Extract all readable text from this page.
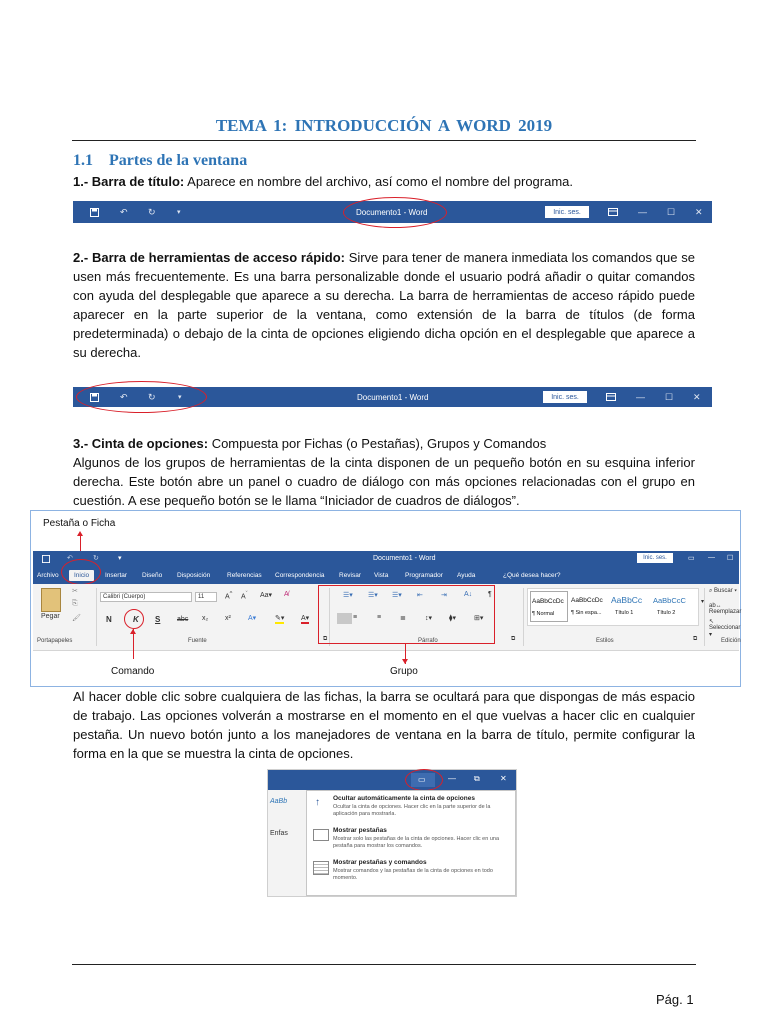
TEMA 1: INTRODUCCIÓN A WORD 2019
1.1 Partes de la ventana
1.- Barra de título: Aparece en nombre del archivo, así como el nombre del programa.
↶ ↻	▾	Documento1 - Word	Inic. ses.	— ☐ ✕
2.- Barra de herramientas de acceso rápido: Sirve para tener de manera inmediata los comandos que se usen más frecuentemente. Es una barra personalizable donde el usuario podrá añadir o quitar comandos con ayuda del desplegable que aparece a su derecha. La barra de herramientas de acceso rápido puede aparecer en la parte superior de la ventana, como extensión de la barra de títulos (de forma predeterminada) o debajo de la cinta de opciones eligiendo dicha opción en el desplegable que aparece a su derecha.
↶ ↻	▾	Documento1 - Word	Inic. ses.	— ☐ ✕
3.- Cinta de opciones: Compuesta por Fichas (o Pestañas), Grupos y Comandos
Algunos de los grupos de herramientas de la cinta disponen de un pequeño botón en su esquina inferior derecha. Este botón abre un panel o cuadro de diálogo con más opciones relacionadas con el grupo en cuestión. A ese pequeño botón se le llama “Iniciador de cuadros de diálogos”.
Pestaña o Ficha
↶	↻	▾	Documento1 - Word	Inic. ses.	▭ — ☐
Archivo	Inicio	Insertar Diseño Disposición	Referencias Correspondencia Revisar Vista	Programador Ayuda	¿Qué desea hacer?
Pegar
✂
⎘
🖌
Portapapeles
Calibri (Cuerpo)	11	A^ $A^ˇ$ Aa▾ A̸
N	K S abc x₂ x² A▾	✎▾ A▾
Fuente	⧉
☰▾ ☰▾ ☰▾ ⇤	⇥ A↓ ¶
≡	≡	≣	↕▾ ⧫▾	⊞▾
Párrafo	⧉
AaBbCcDc
¶ Normal
AaBbCcDc
¶ Sin espa...
AaBbCc
Título 1
AaBbCcC
Título 2
▾
Estilos	⧉
⌕ Buscar ▾
ab↔ Reemplazar
↖ Seleccionar ▾
Edición
Comando	Grupo
Al hacer doble clic sobre cualquiera de las fichas, la barra se ocultará para que dispongas de más espacio de trabajo. Las opciones volverán a mostrarse en el momento en el que vuelvas a hacer clic en cualquier pestaña. Un nuevo botón junto a los manejadores de ventana en la barra de título, permite configurar la forma en la que se muestra la cinta de opciones.
▭	— ⧉	✕
AaBb
Enfas
↑ Ocultar automáticamente la cinta de opciones
Ocultar la cinta de opciones. Hacer clic en la parte superior de la aplicación para mostrarla.
Mostrar pestañas
Mostrar solo las pestañas de la cinta de opciones. Hacer clic en una pestaña para mostrar los comandos.
Mostrar pestañas y comandos
Mostrar comandos y las pestañas de la cinta de opciones en todo momento.
Pág. 1
